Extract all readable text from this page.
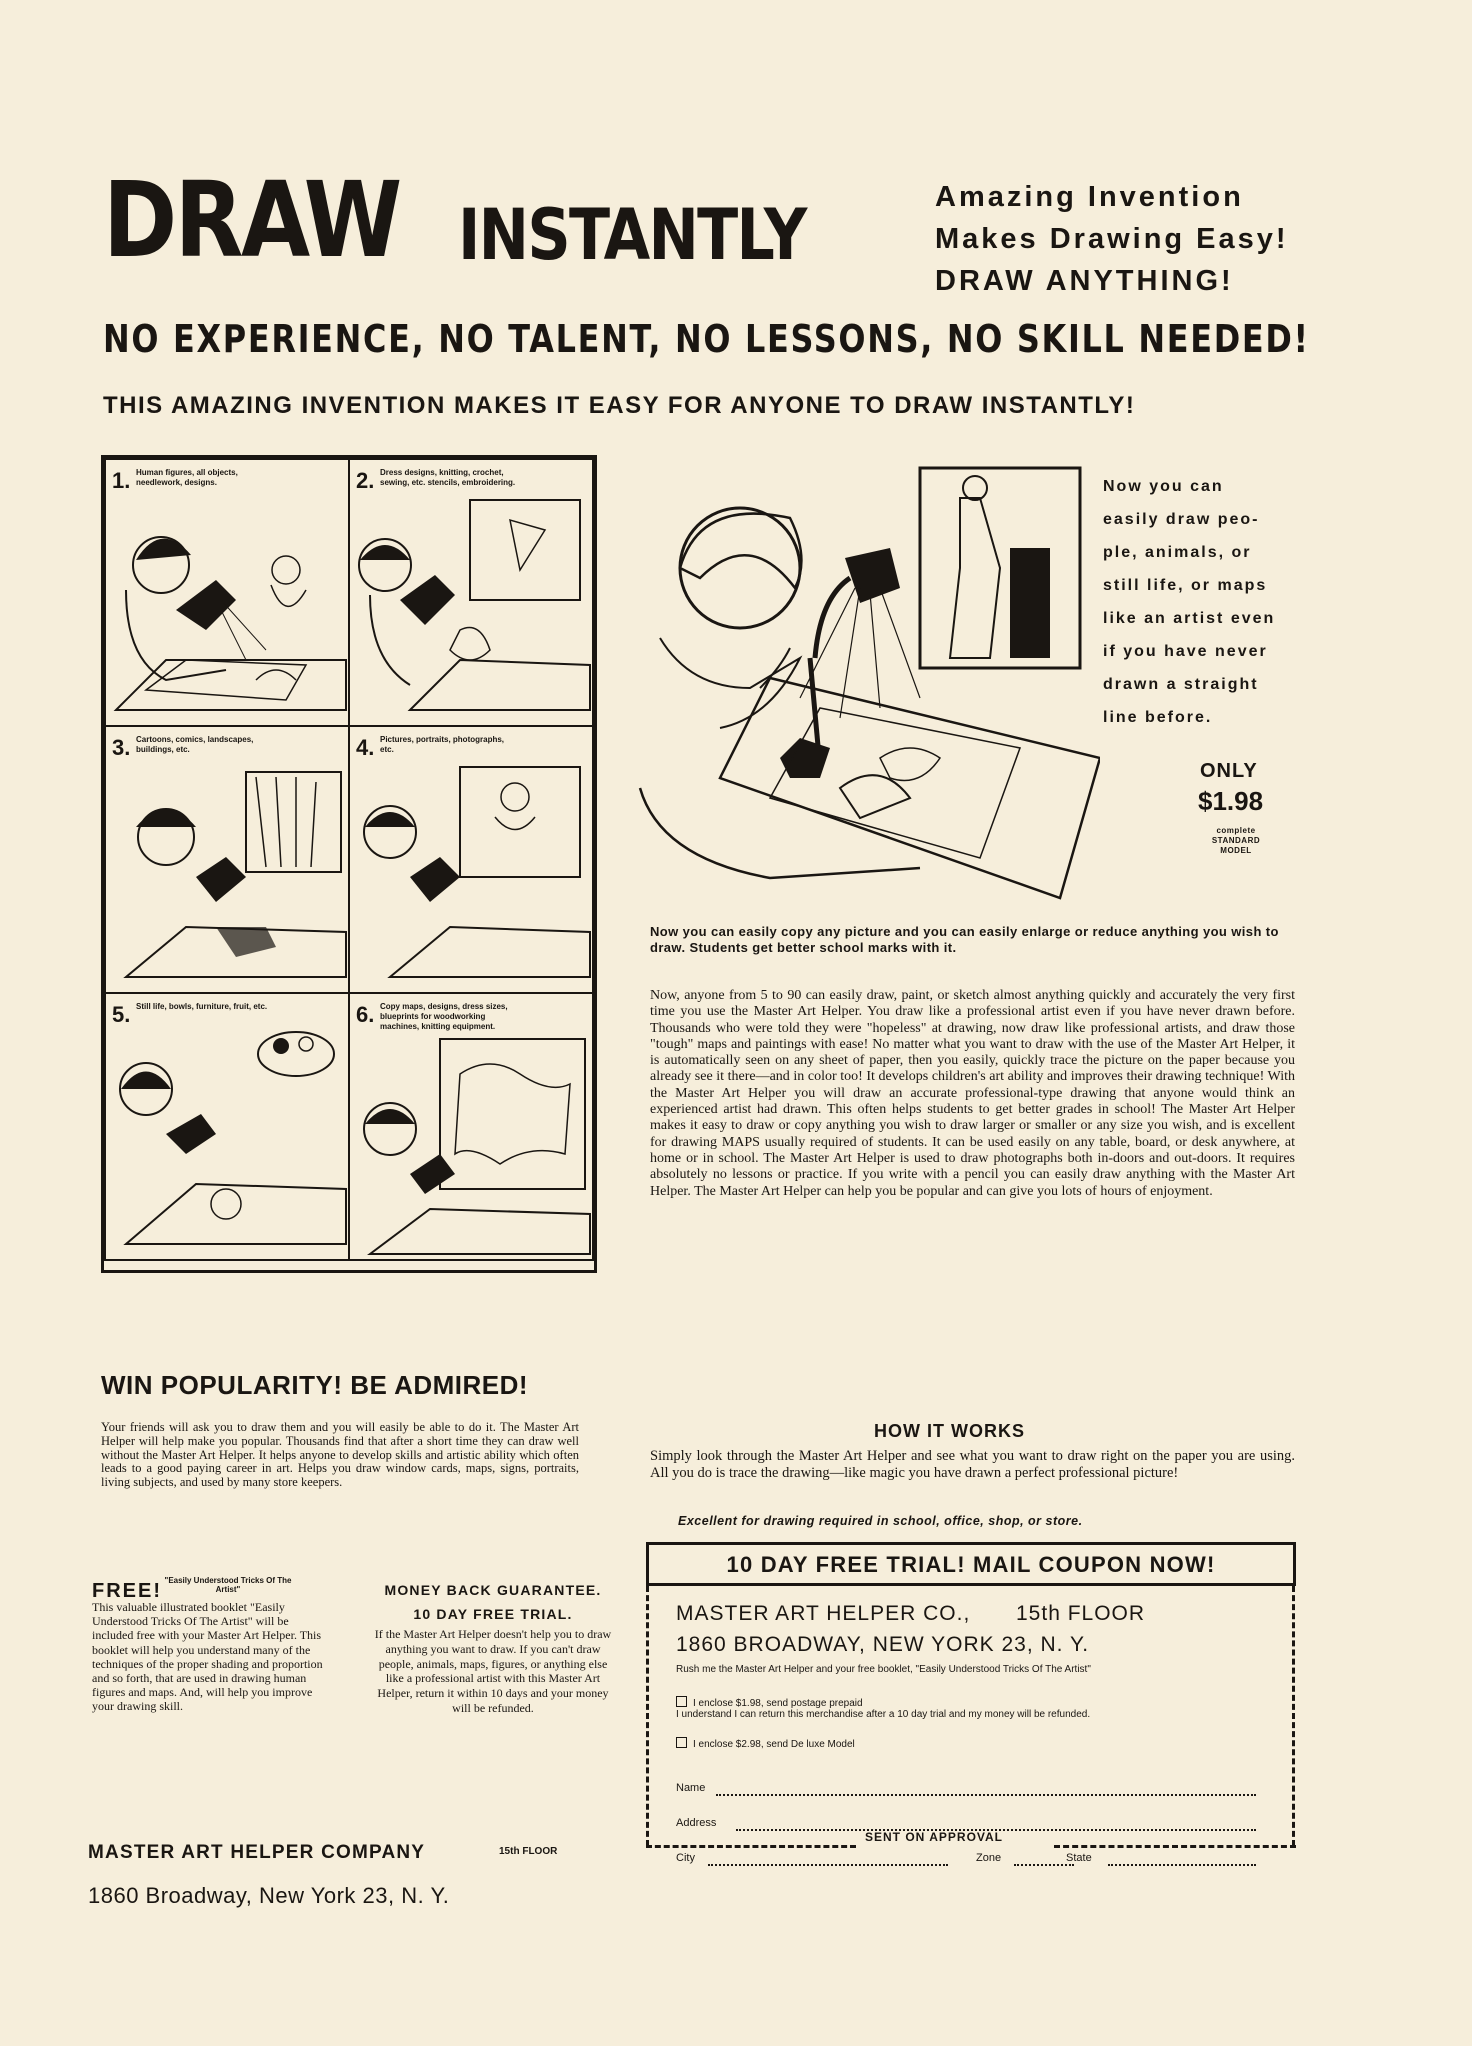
DRAW INSTANTLY	Amazing Invention
Makes Drawing Easy!
DRAW ANYTHING!
NO EXPERIENCE, NO TALENT, NO LESSONS, NO SKILL NEEDED!
THIS AMAZING INVENTION MAKES IT EASY FOR ANYONE TO DRAW INSTANTLY!
1. Human figures, all objects, needlework, designs.	2. Dress designs, knitting, crochet, sewing, etc. stencils, embroidering.
3. Cartoons, comics, landscapes, buildings, etc.	4. Pictures, portraits, photographs, etc.
5. Still life, bowls, furniture, fruit, etc.	6. Copy maps, designs, dress sizes, blueprints for woodworking machines, knitting equipment.
Now you can
easily draw peo-
ple, animals, or
still life, or maps
like an artist even
if you have never
drawn a straight
line before.
ONLY
$1.98
complete STANDARD MODEL
Now you can easily copy any picture and you can easily enlarge or reduce anything you wish to draw. Students get better school marks with it.
Now, anyone from 5 to 90 can easily draw, paint, or sketch almost anything quickly and accurately the very first time you use the Master Art Helper. You draw like a professional artist even if you have never drawn before. Thousands who were told they were "hopeless" at drawing, now draw like professional artists, and draw those "tough" maps and paintings with ease! No matter what you want to draw with the use of the Master Art Helper, it is automatically seen on any sheet of paper, then you easily, quickly trace the picture on the paper because you already see it there—and in color too! It develops children's art ability and improves their drawing technique! With the Master Art Helper you will draw an accurate professional-type drawing that anyone would think an experienced artist had drawn. This often helps students to get better grades in school! The Master Art Helper makes it easy to draw or copy anything you wish to draw larger or smaller or any size you wish, and is excellent for drawing MAPS usually required of students. It can be used easily on any table, board, or desk anywhere, at home or in school. The Master Art Helper is used to draw photographs both in-doors and out-doors. It requires absolutely no lessons or practice. If you write with a pencil you can easily draw anything with the Master Art Helper. The Master Art Helper can help you be popular and can give you lots of hours of enjoyment.
HOW IT WORKS
Simply look through the Master Art Helper and see what you want to draw right on the paper you are using. All you do is trace the drawing—like magic you have drawn a perfect professional picture!
Excellent for drawing required in school, office, shop, or store.
WIN POPULARITY! BE ADMIRED!
Your friends will ask you to draw them and you will easily be able to do it. The Master Art Helper will help make you popular. Thousands find that after a short time they can draw well without the Master Art Helper. It helps anyone to develop skills and artistic ability which often leads to a good paying career in art. Helps you draw window cards, maps, signs, portraits, living subjects, and used by many store keepers.
FREE! "Easily Understood Tricks Of The Artist"
This valuable illustrated booklet "Easily Understood Tricks Of The Artist" will be included free with your Master Art Helper. This booklet will help you understand many of the techniques of the proper shading and proportion and so forth, that are used in drawing human figures and maps. And, will help you improve your drawing skill.
MONEY BACK GUARANTEE.
10 DAY FREE TRIAL.
If the Master Art Helper doesn't help you to draw anything you want to draw. If you can't draw people, animals, maps, figures, or anything else like a professional artist with this Master Art Helper, return it within 10 days and your money will be refunded.
MASTER ART HELPER COMPANY	15th FLOOR
1860 Broadway, New York 23, N. Y.
10 DAY FREE TRIAL! MAIL COUPON NOW!
MASTER ART HELPER CO., 15th FLOOR
1860 BROADWAY, NEW YORK 23, N. Y.
Rush me the Master Art Helper and your free booklet, "Easily Understood Tricks Of The Artist"
I enclose $1.98, send postage prepaid
I understand I can return this merchandise after a 10 day trial and my money will be refunded.
I enclose $2.98, send De luxe Model
Name
Address
City	Zone	State
SENT ON APPROVAL
